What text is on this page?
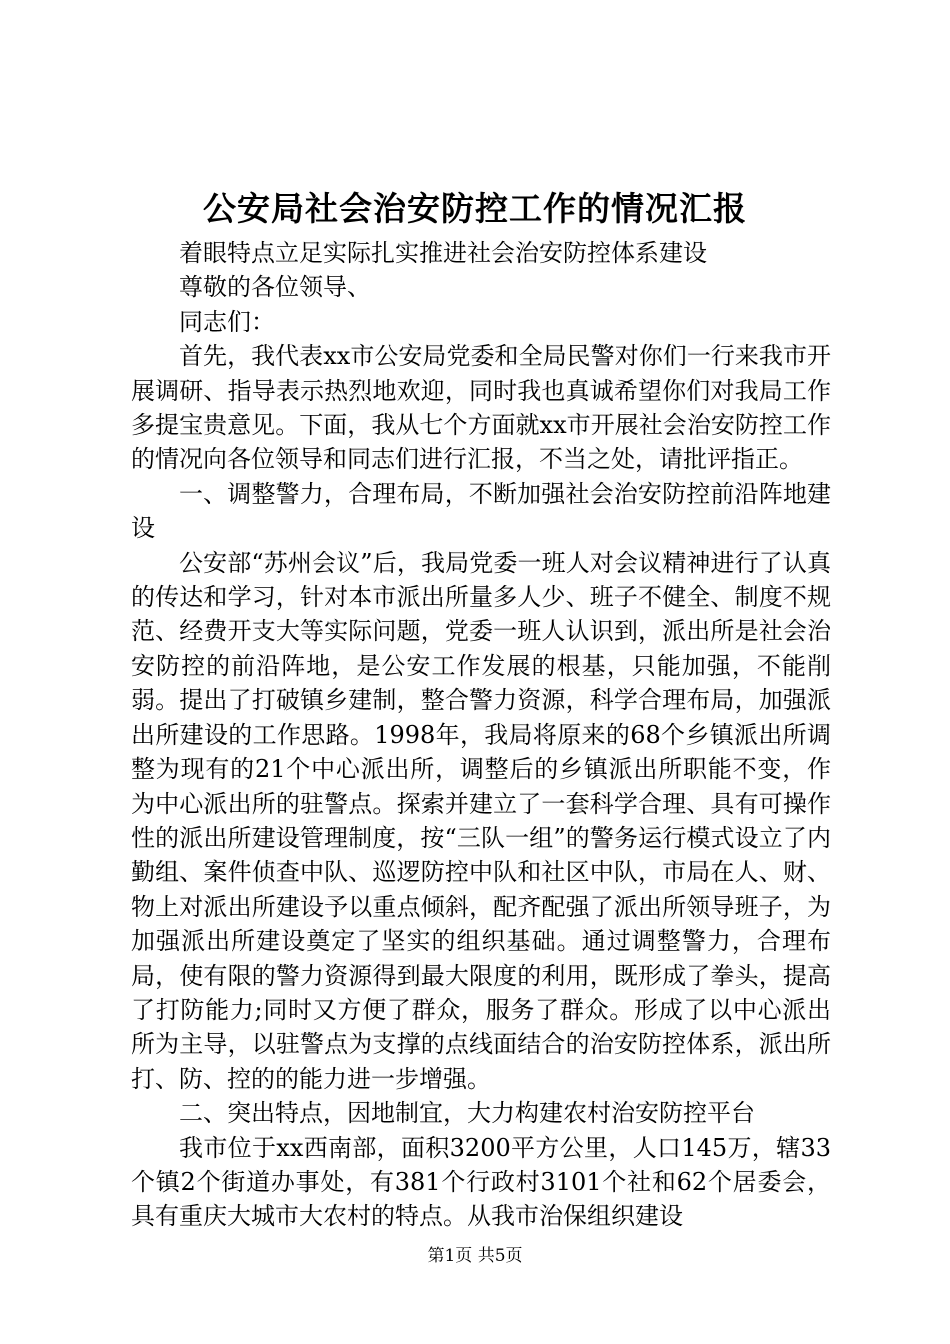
公安局社会治安防控工作的情况汇报

着眼特点立足实际扎实推进社会治安防控体系建设

尊敬的各位领导、

同志们：

首先，我代表xx市公安局党委和全局民警对你们一行来我市开展调研、指导表示热烈地欢迎，同时我也真诚希望你们对我局工作多提宝贵意见。下面，我从七个方面就xx市开展社会治安防控工作的情况向各位领导和同志们进行汇报，不当之处，请批评指正。

一、调整警力，合理布局，不断加强社会治安防控前沿阵地建设

公安部“苏州会议”后，我局党委一班人对会议精神进行了认真的传达和学习，针对本市派出所量多人少、班子不健全、制度不规范、经费开支大等实际问题，党委一班人认识到，派出所是社会治安防控的前沿阵地，是公安工作发展的根基，只能加强，不能削弱。提出了打破镇乡建制，整合警力资源，科学合理布局，加强派出所建设的工作思路。1998年，我局将原来的68个乡镇派出所调整为现有的21个中心派出所，调整后的乡镇派出所职能不变，作为中心派出所的驻警点。探索并建立了一套科学合理、具有可操作性的派出所建设管理制度，按“三队一组”的警务运行模式设立了内勤组、案件侦查中队、巡逻防控中队和社区中队，市局在人、财、物上对派出所建设予以重点倾斜，配齐配强了派出所领导班子，为加强派出所建设奠定了坚实的组织基础。通过调整警力，合理布局，使有限的警力资源得到最大限度的利用，既形成了拳头，提高了打防能力;同时又方便了群众，服务了群众。形成了以中心派出所为主导，以驻警点为支撑的点线面结合的治安防控体系，派出所打、防、控的的能力进一步增强。

二、突出特点，因地制宜，大力构建农村治安防控平台

我市位于xx西南部，面积3200平方公里，人口145万，辖33个镇2个街道办事处，有381个行政村3101个社和62个居委会，具有重庆大城市大农村的特点。从我市治保组织建设

第1页 共5页
